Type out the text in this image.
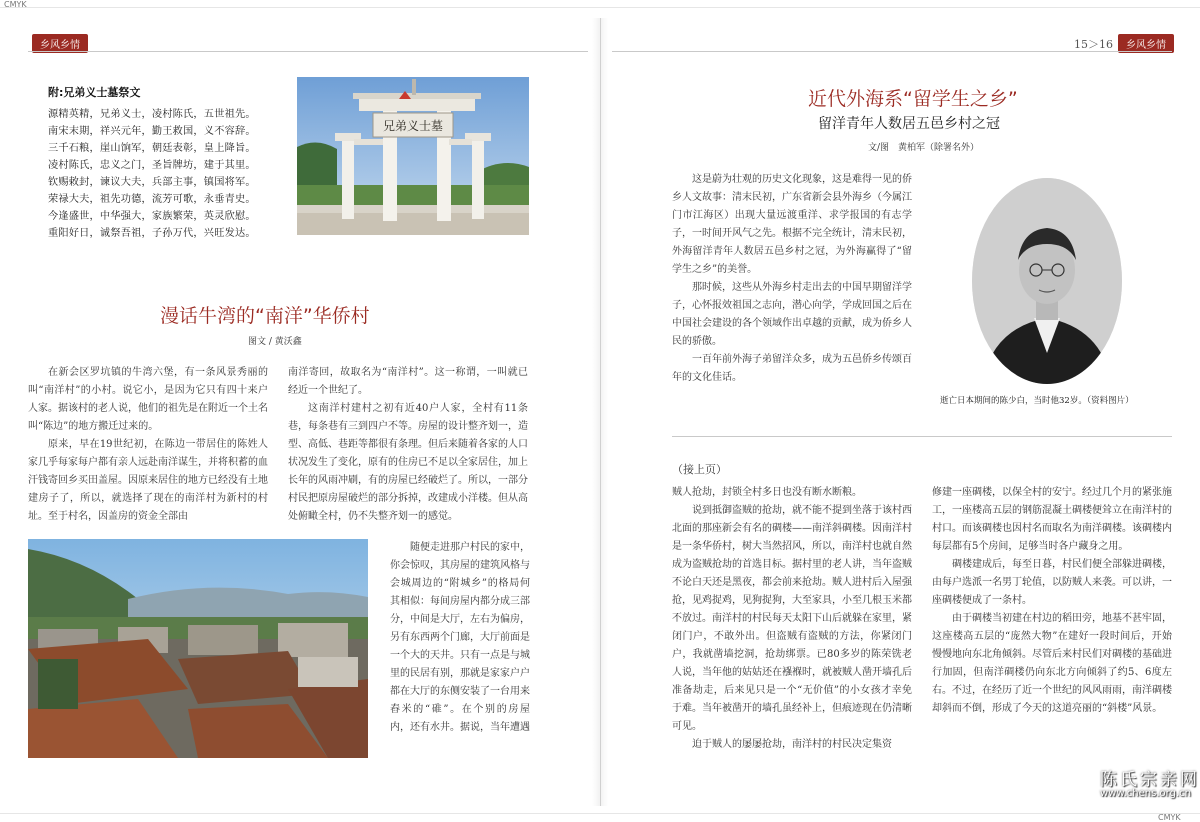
CMYK
CMYK
乡风乡情
附:兄弟义士墓祭文
源精英精，兄弟义士，凌村陈氏，五世祖先。
南宋末期，祥兴元年，勤王救国，义不容辞。
三千石粮，崖山饷军，朝廷表彰，皇上降旨。
凌村陈氏，忠义之门，圣旨牌坊，建于其里。
钦赐敕封，谏议大夫，兵部主事，镇国将军。
荣禄大夫，祖先功德，流芳可歌，永垂青史。
今逢盛世，中华强大，家族繁荣，英灵欣慰。
重阳好日，诚祭吾祖，子孙万代，兴旺发达。
兄弟义士墓
漫话牛湾的“南洋”华侨村
图文 / 黄沃鑫

在新会区罗坑镇的牛湾六堡，有一条风景秀丽的叫“南洋村”的小村。说它小，是因为它只有四十来户人家。据该村的老人说，他们的祖先是在附近一个土名叫“陈边”的地方搬迁过来的。

原来，早在19世纪初，在陈边一带居住的陈姓人家几乎每家每户都有亲人远赴南洋谋生，并将积蓄的血汗钱寄回乡买田盖屋。因原来居住的地方已经没有土地建房子了，所以，就选择了现在的南洋村为新村的村址。至于村名，因盖房的资金全部由

南洋寄回，故取名为“南洋村”。这一称谓，一叫就已经近一个世纪了。

这南洋村建村之初有近40户人家，全村有11条巷，每条巷有三到四户不等。房屋的设计整齐划一，造型、高低、巷距等都很有条理。但后来随着各家的人口状况发生了变化，原有的住房已不足以全家居住，加上长年的风雨冲刷，有的房屋已经破烂了。所以，一部分村民把原房屋破烂的部分拆掉，改建成小洋楼。但从高处俯瞰全村，仍不失整齐划一的感觉。

随便走进那户村民的家中，你会惊叹，其房屋的建筑风格与会城周边的“附城乡”的格局何其相似：每间房屋内都分成三部分，中间是大厅，左右为偏房，另有东西两个门廊，大厅前面是一个大的天井。只有一点是与城里的民居有别，那就是家家户户都在大厅的东侧安装了一台用来舂米的“碓”。在个别的房屋内，还有水井。据说，当年遭遇

15＞16	乡风乡情
近代外海系“留学生之乡”
留洋青年人数居五邑乡村之冠
文/图　黄柏军（除署名外）

这是蔚为壮观的历史文化现象，这是难得一见的侨乡人文故事：清末民初，广东省新会县外海乡（今属江门市江海区）出现大量远渡重洋、求学报国的有志学子，一时间开风气之先。根据不完全统计，清末民初，外海留洋青年人数居五邑乡村之冠，为外海赢得了“留学生之乡”的美誉。

那时候，这些从外海乡村走出去的中国早期留洋学子，心怀报效祖国之志向，潜心向学，学成回国之后在中国社会建设的各个领域作出卓越的贡献，成为侨乡人民的骄傲。

一百年前外海子弟留洋众多，成为五邑侨乡传颂百年的文化佳话。

逝亡日本期间的陈少白，当时他32岁。（资料图片）
（接上页）

贼人抢劫，封锁全村多日也没有断水断粮。

说到抵御盗贼的抢劫，就不能不提到坐落于该村西北面的那座新会有名的碉楼——南洋斜碉楼。因南洋村是一条华侨村，树大当然招风，所以，南洋村也就自然成为盗贼抢劫的首选目标。据村里的老人讲，当年盗贼不论白天还是黑夜，都会前来抢劫。贼人进村后入屋强抢，见鸡捉鸡，见狗捉狗，大至家具，小至几根玉米都不放过。南洋村的村民每天太阳下山后就躲在家里，紧闭门户，不敢外出。但盗贼有盗贼的方法，你紧闭门户，我就凿墙挖洞，抢劫绑票。已80多岁的陈荣铣老人说，当年他的姑姑还在襁褓时，就被贼人凿开墙孔后准备劫走，后来见只是一个“无价值”的小女孩才幸免于难。当年被凿开的墙孔虽经补上，但痕迹现在仍清晰可见。

迫于贼人的屡屡抢劫，南洋村的村民决定集资

修建一座碉楼，以保全村的安宁。经过几个月的紧张施工，一座楼高五层的钢筋混凝土碉楼便耸立在南洋村的村口。而该碉楼也因村名而取名为南洋碉楼。该碉楼内每层都有5个房间，足够当时各户藏身之用。

碉楼建成后，每至日暮，村民们便全部躲进碉楼，由每户选派一名男丁轮值，以防贼人来袭。可以讲，一座碉楼便成了一条村。

由于碉楼当初建在村边的稻田旁，地基不甚牢固，这座楼高五层的“庞然大物”在建好一段时间后，开始慢慢地向东北角倾斜。尽管后来村民们对碉楼的基础进行加固，但南洋碉楼仍向东北方向倾斜了约5、6度左右。不过，在经历了近一个世纪的风风雨雨，南洋碉楼却斜而不倒，形成了今天的这道亮丽的“斜楼”风景。

陈氏宗亲网
www.chens.org.cn
